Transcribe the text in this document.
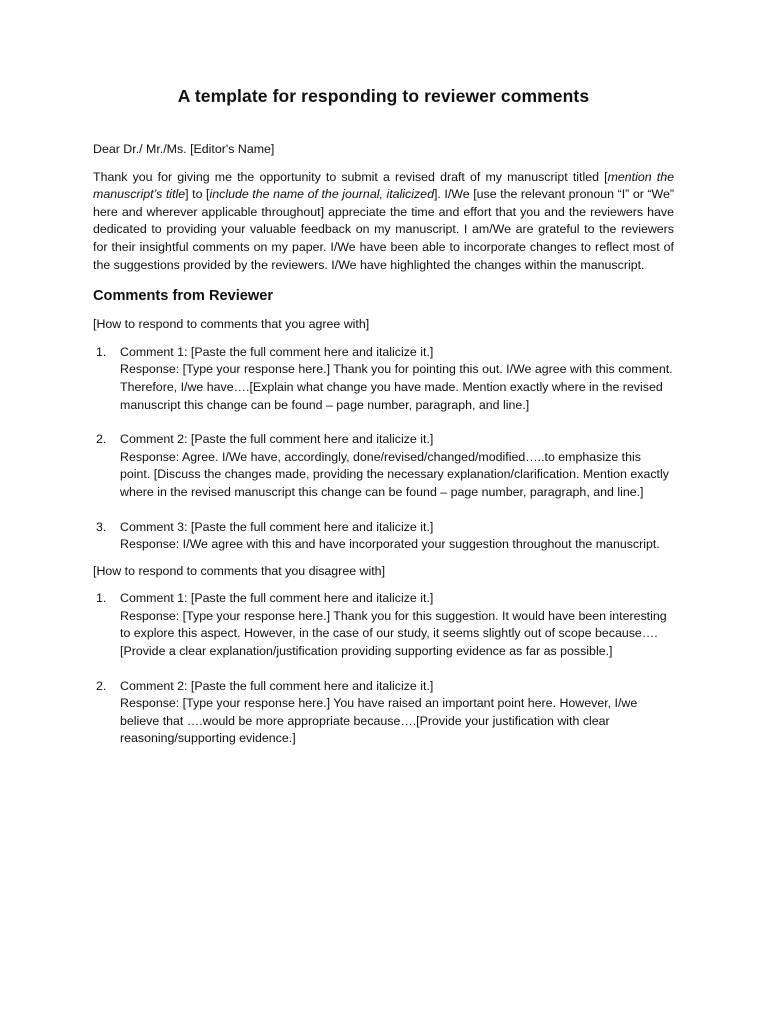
A template for responding to reviewer comments

Dear Dr./ Mr./Ms. [Editor's Name]

Thank you for giving me the opportunity to submit a revised draft of my manuscript titled [mention the manuscript’s title] to [include the name of the journal, italicized]. I/We [use the relevant pronoun “I” or “We” here and wherever applicable throughout] appreciate the time and effort that you and the reviewers have dedicated to providing your valuable feedback on my manuscript. I am/We are grateful to the reviewers for their insightful comments on my paper. I/We have been able to incorporate changes to reflect most of the suggestions provided by the reviewers. I/We have highlighted the changes within the manuscript.

Comments from Reviewer

[How to respond to comments that you agree with]

1. Comment 1: [Paste the full comment here and italicize it.]
Response: [Type your response here.] Thank you for pointing this out. I/We agree with this comment. Therefore, I/we have….[Explain what change you have made. Mention exactly where in the revised manuscript this change can be found – page number, paragraph, and line.]
2. Comment 2: [Paste the full comment here and italicize it.]
Response: Agree. I/We have, accordingly, done/revised/changed/modified…..to emphasize this point. [Discuss the changes made, providing the necessary explanation/clarification. Mention exactly where in the revised manuscript this change can be found – page number, paragraph, and line.]
3. Comment 3: [Paste the full comment here and italicize it.]
Response: I/We agree with this and have incorporated your suggestion throughout the manuscript.

[How to respond to comments that you disagree with]

1. Comment 1: [Paste the full comment here and italicize it.]
Response: [Type your response here.] Thank you for this suggestion. It would have been interesting to explore this aspect. However, in the case of our study, it seems slightly out of scope because…. [Provide a clear explanation/justification providing supporting evidence as far as possible.]
2. Comment 2: [Paste the full comment here and italicize it.]
Response: [Type your response here.] You have raised an important point here. However, I/we believe that ….would be more appropriate because….[Provide your justification with clear reasoning/supporting evidence.]
